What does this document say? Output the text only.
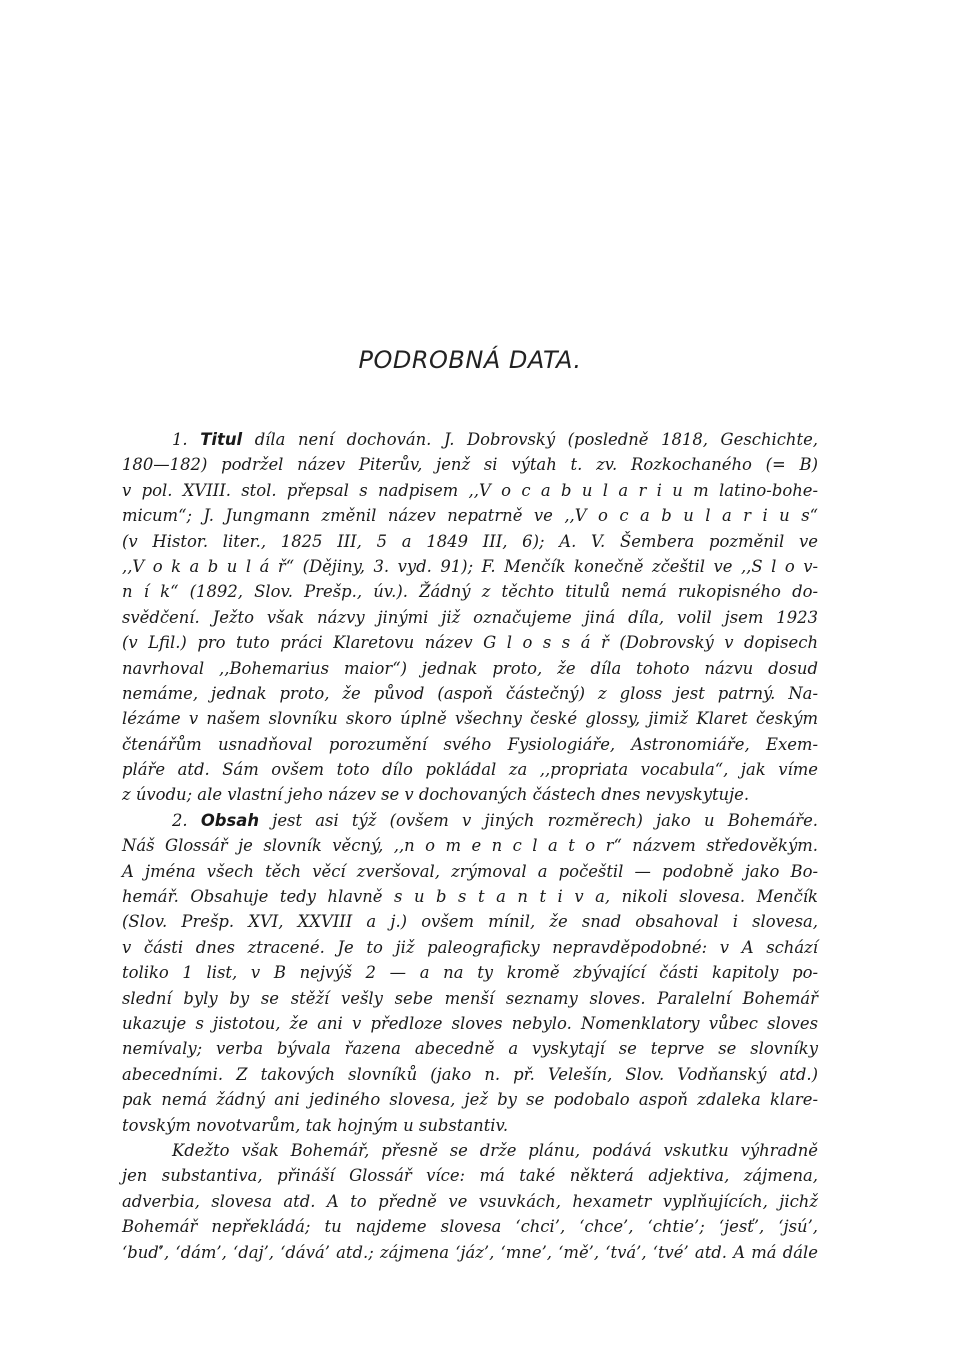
PODROBNÁ DATA.
1. Titul díla není dochován. J. Dobrovský (posledně 1818, Geschichte,
180—182) podržel název Piterův, jenž si výtah t. zv. Rozkochaného (= B)
v pol. XVIII. stol. přepsal s nadpisem ,,V o c a b u l a r i u m latino-bohe-
micum“; J. Jungmann změnil název nepatrně ve ,,V o c a b u l a r i u s“
(v Histor. liter., 1825 III, 5 a 1849 III, 6); A. V. Šembera pozměnil ve
,,V o k a b u l á ř“ (Dějiny, 3. vyd. 91); F. Menčík konečně zčeštil ve ,,S l o v-
n í k“ (1892, Slov. Prešp., úv.). Žádný z těchto titulů nemá rukopisného do-
svědčení. Ježto však názvy jinými již označujeme jiná díla, volil jsem 1923
(v Lfil.) pro tuto práci Klaretovu název G l o s s á ř (Dobrovský v dopisech
navrhoval ,,Bohemarius maior“) jednak proto, že díla tohoto názvu dosud
nemáme, jednak proto, že původ (aspoň částečný) z gloss jest patrný. Na-
lézáme v našem slovníku skoro úplně všechny české glossy, jimiž Klaret českým
čtenářům usnadňoval porozumění svého Fysiologiáře, Astronomiáře, Exem-
pláře atd. Sám ovšem toto dílo pokládal za ,,propriata vocabula“, jak víme
z úvodu; ale vlastní jeho název se v dochovaných částech dnes nevyskytuje.
2. Obsah jest asi týž (ovšem v jiných rozměrech) jako u Bohemáře.
Náš Glossář je slovník věcný, ,,n o m e n c l a t o r“ názvem středověkým.
A jména všech těch věcí zveršoval, zrýmoval a počeštil — podobně jako Bo-
hemář. Obsahuje tedy hlavně s u b s t a n t i v a, nikoli slovesa. Menčík
(Slov. Prešp. XVI, XXVIII a j.) ovšem mínil, že snad obsahoval i slovesa,
v části dnes ztracené. Je to již paleograficky nepravděpodobné: v A schází
toliko 1 list, v B nejvýš 2 — a na ty kromě zbývající části kapitoly po-
slední byly by se stěží vešly sebe menší seznamy sloves. Paralelní Bohemář
ukazuje s jistotou, že ani v předloze sloves nebylo. Nomenklatory vůbec sloves
nemívaly; verba bývala řazena abecedně a vyskytají se teprve se slovníky
abecedními. Z takových slovníků (jako n. př. Velešín, Slov. Vodňanský atd.)
pak nemá žádný ani jediného slovesa, jež by se podobalo aspoň zdaleka klare-
tovským novotvarům, tak hojným u substantiv.
Kdežto však Bohemář, přesně se drže plánu, podává vskutku výhradně
jen substantiva, přináší Glossář více: má také některá adjektiva, zájmena,
adverbia, slovesa atd. A to předně ve vsuvkách, hexametr vyplňujících, jichž
Bohemář nepřekládá; tu najdeme slovesa ‘chci’, ‘chce’, ‘chtie’; ‘jesť’, ‘jsú’,
‘buď’, ‘dám’, ‘daj’, ‘dává’ atd.; zájmena ‘jáz’, ‘mne’, ‘mě’, ‘tvá’, ‘tvé’ atd. A má dále
